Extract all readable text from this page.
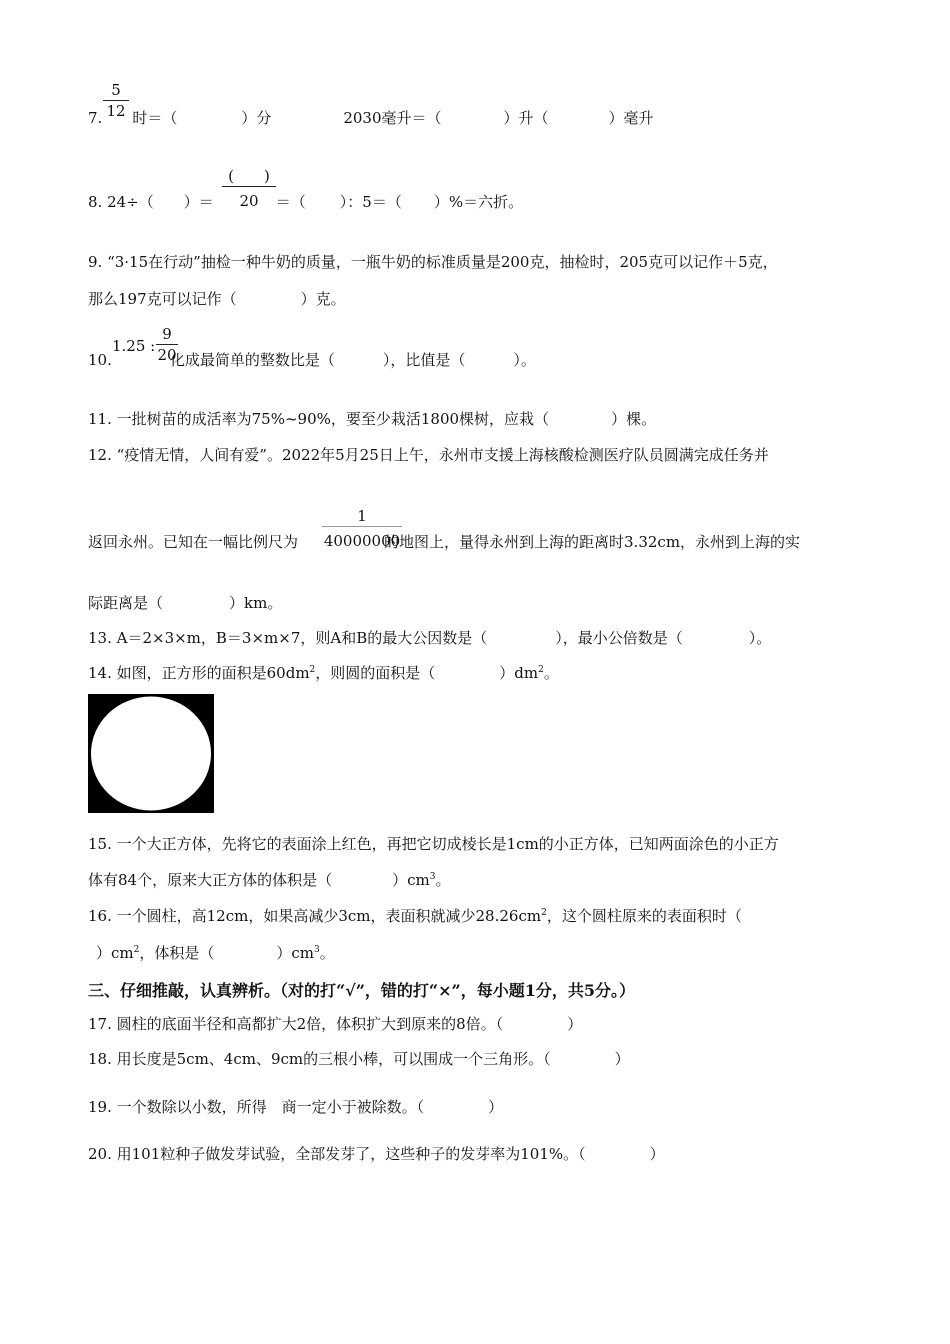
5
12
7. 时＝（	）分	2030毫升＝（	）升（	）毫升
(　　)
20
8. 24÷（ ）＝	＝（ ）：5＝（ ）%＝六折。
9. “3·15在行动”抽检一种牛奶的质量，一瓶牛奶的标准质量是200克，抽检时，205克可以记作＋5克，
那么197克可以记作（	）克。
9
20
1.25 :
10.	化成最简单的整数比是（	），比值是（	）。
11. 一批树苗的成活率为75%~90%，要至少栽活1800棵树，应栽（	）棵。
12. “疫情无情，人间有爱”。2022年5月25日上午，永州市支援上海核酸检测医疗队员圆满完成任务并
1
40000000
返回永州。已知在一幅比例尺为	的地图上，量得永州到上海的距离时3.32cm，永州到上海的实
际距离是（	）km。
13. A＝2×3×m，B＝3×m×7，则A和B的最大公因数是（	），最小公倍数是（	）。
14. 如图，正方形的面积是$60dm^2$，则圆的面积是（	）$dm^2$。
15. 一个大正方体，先将它的表面涂上红色，再把它切成棱长是1cm的小正方体，已知两面涂色的小正方
体有84个，原来大正方体的体积是（	）$cm^3$。
16. 一个圆柱，高12cm，如果高减少3cm，表面积就减少$28.26cm^2$，这个圆柱原来的表面积时（
）$cm^2$，体积是（	）$cm^3$。
三、仔细推敲，认真辨析。（对的打“√”，错的打“×”，每小题1分，共5分。）
17. 圆柱的底面半径和高都扩大2倍，体积扩大到原来的8倍。（	）
18. 用长度是5cm、4cm、9cm的三根小棒，可以围成一个三角形。（	）
19. 一个数除以小数，所得　商一定小于被除数。（	）
20. 用101粒种子做发芽试验，全部发芽了，这些种子的发芽率为101%。（	）
